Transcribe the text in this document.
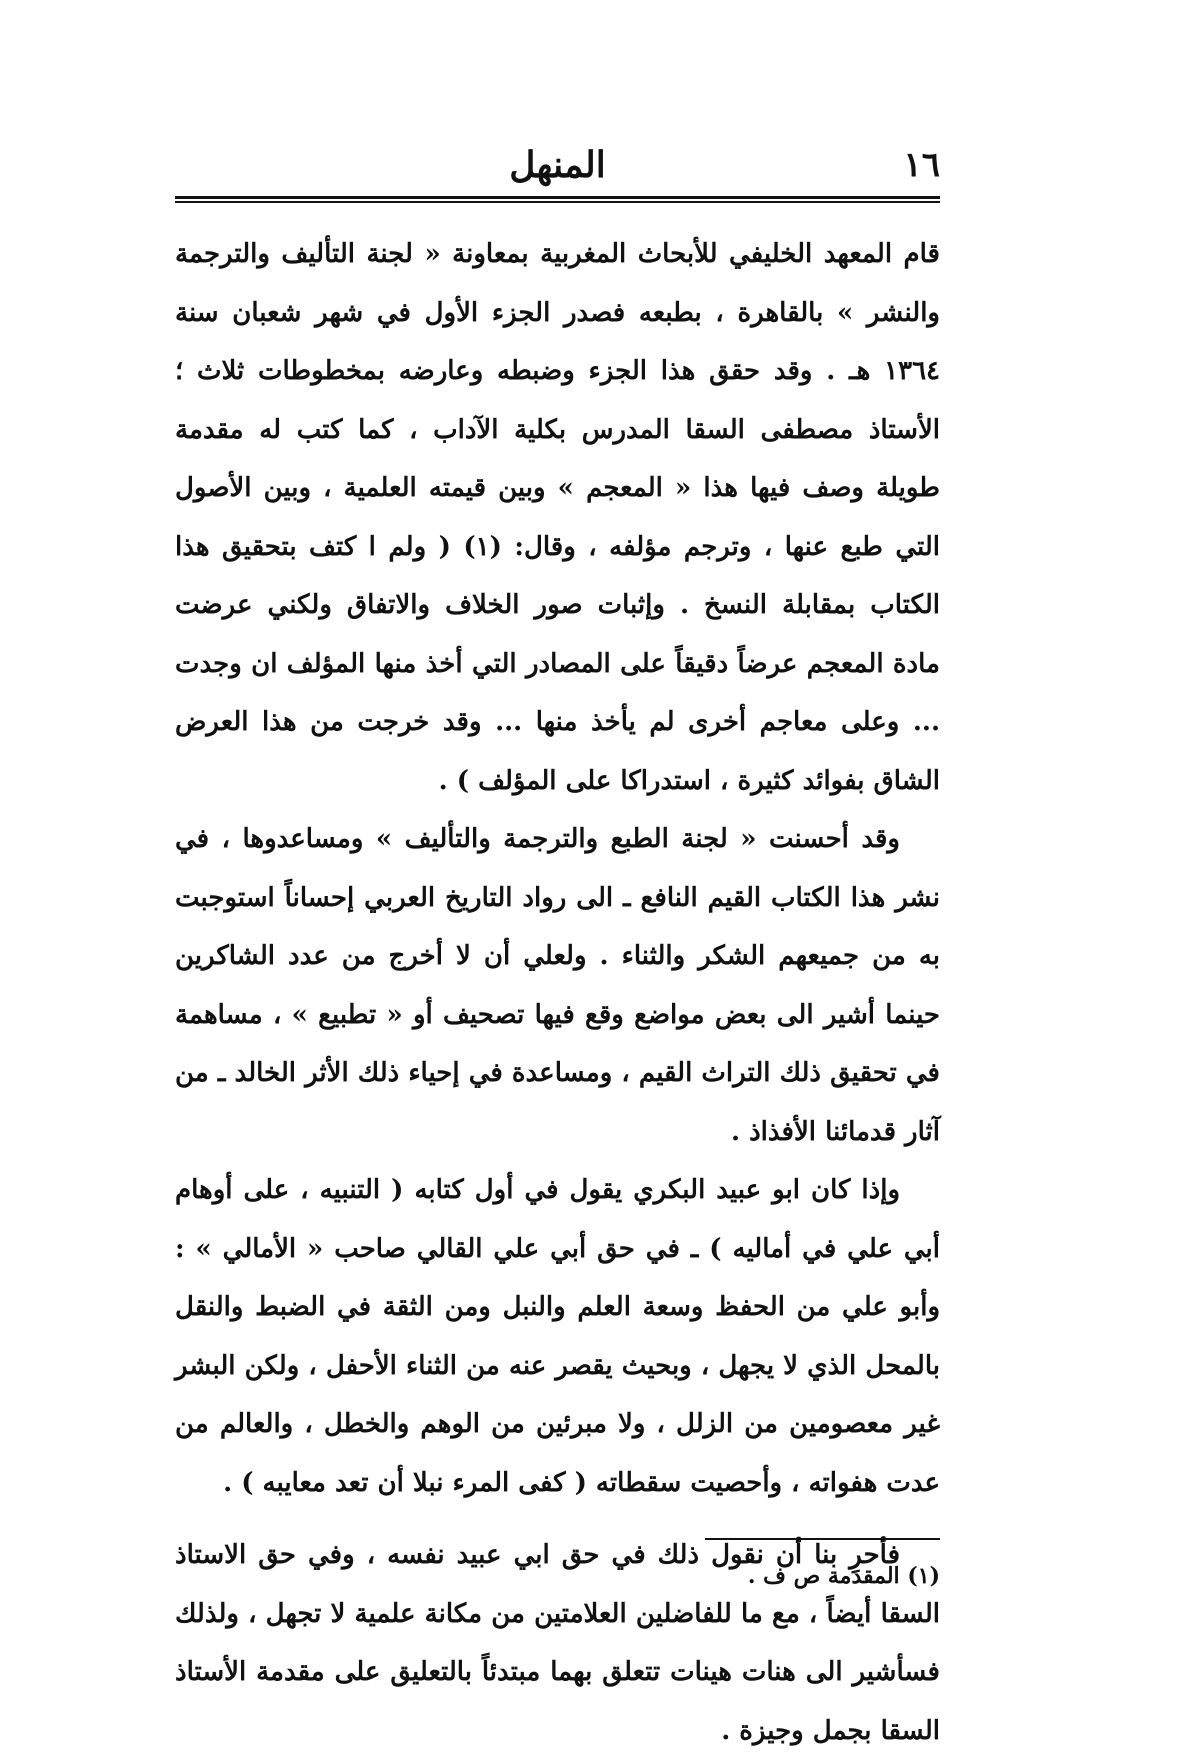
١٦
المنهل

قام المعهد الخليفي للأبحاث المغربية بمعاونة « لجنة التأليف والترجمة والنشر » بالقاهرة ، بطبعه فصدر الجزء الأول في شهر شعبان سنة ١٣٦٤ هـ . وقد حقق هذا الجزء وضبطه وعارضه بمخطوطات ثلاث ؛ الأستاذ مصطفى السقا المدرس بكلية الآداب ، كما كتب له مقدمة طويلة وصف فيها هذا « المعجم » وبين قيمته العلمية ، وبين الأصول التي طبع عنها ، وترجم مؤلفه ، وقال: (١) ( ولم ا كتف بتحقيق هذا الكتاب بمقابلة النسخ . وإثبات صور الخلاف والاتفاق ولكني عرضت مادة المعجم عرضاً دقيقاً على المصادر التي أخذ منها المؤلف ان وجدت ... وعلى معاجم أخرى لم يأخذ منها ... وقد خرجت من هذا العرض الشاق بفوائد كثيرة ، استدراكا على المؤلف ) .

وقد أحسنت « لجنة الطبع والترجمة والتأليف » ومساعدوها ، في نشر هذا الكتاب القيم النافع ـ الى رواد التاريخ العربي إحساناً استوجبت به من جميعهم الشكر والثناء . ولعلي أن لا أخرج من عدد الشاكرين حينما أشير الى بعض مواضع وقع فيها تصحيف أو « تطبيع » ، مساهمة في تحقيق ذلك التراث القيم ، ومساعدة في إحياء ذلك الأثر الخالد ـ من آثار قدمائنا الأفذاذ .

وإذا كان ابو عبيد البكري يقول في أول كتابه ( التنبيه ، على أوهام أبي علي في أماليه ) ـ في حق أبي علي القالي صاحب « الأمالي » : وأبو علي من الحفظ وسعة العلم والنبل ومن الثقة في الضبط والنقل بالمحل الذي لا يجهل ، وبحيث يقصر عنه من الثناء الأحفل ، ولكن البشر غير معصومين من الزلل ، ولا مبرئين من الوهم والخطل ، والعالم من عدت هفواته ، وأحصيت سقطاته ( كفى المرء نبلا أن تعد معايبه ) .

فأحرِ بنا أن نقول ذلك في حق ابي عبيد نفسه ، وفي حق الاستاذ السقا أيضاً ، مع ما للفاضلين العلامتين من مكانة علمية لا تجهل ، ولذلك فسأشير الى هنات هينات تتعلق بهما مبتدئاً بالتعليق على مقدمة الأستاذ السقا بجمل وجيزة .

(١) المقدمة ص ف .
